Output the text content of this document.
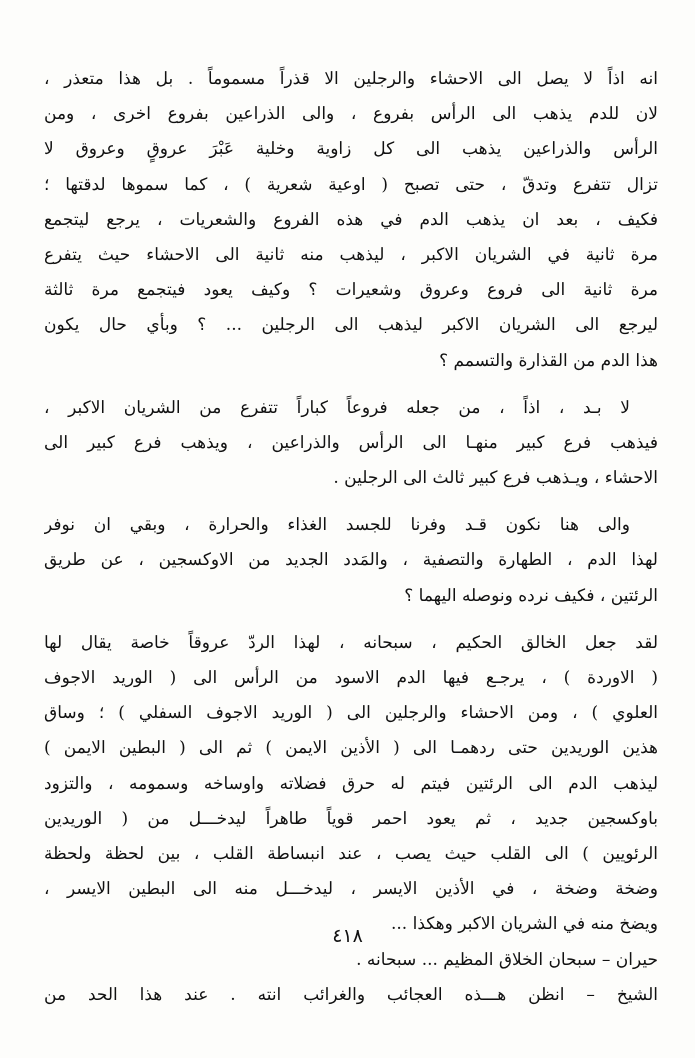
انه اذاً لا يصل الى الاحشاء والرجلين الا قذراً مسموماً . بل هذا متعذر ،
لان للدم يذهب الى الرأس بفروع ، والى الذراعين بفروع اخرى ، ومن
الرأس والذراعين يذهب الى كل زاوية وخلية عَبْرَ عروقٍ وعروق لا
تزال تتفرع وتدقّ ، حتى تصبح ( اوعية شعرية ) ، كما سموها لدقتها ؛
فكيف ، بعد ان يذهب الدم في هذه الفروع والشعريات ، يرجع ليتجمع
مرة ثانية في الشريان الاكبر ، ليذهب منه ثانية الى الاحشاء حيث يتفرع
مرة ثانية الى فروع وعروق وشعيرات ؟ وكيف يعود فيتجمع مرة ثالثة
ليرجع الى الشريان الاكبر ليذهب الى الرجلين ... ؟ وبأي حال يكون
هذا الدم من القذارة والتسمم ؟
لا بـد ، اذاً ، من جعله فروعاً كباراً تتفرع من الشريان الاكبر ،
فيذهب فرع كبير منهـا الى الرأس والذراعين ، ويذهب فرع كبير الى
الاحشاء ، ويـذهب فرع كبير ثالث الى الرجلين .
والى هنا نكون قـد وفرنا للجسد الغذاء والحرارة ، وبقي ان نوفر
لهذا الدم ، الطهارة والتصفية ، والمَدد الجديد من الاوكسجين ، عن طريق
الرئتين ، فكيف نرده ونوصله اليهما ؟
لقد جعل الخالق الحكيم ، سبحانه ، لهذا الردّ عروقاً خاصة يقال لها
( الاوردة ) ، يرجـع فيها الدم الاسود من الرأس الى ( الوريد الاجوف
العلوي ) ، ومن الاحشاء والرجلين الى ( الوريد الاجوف السفلي ) ؛ وساق
هذين الوريدين حتى ردهمـا الى ( الأذين الايمن ) ثم الى ( البطين الايمن )
ليذهب الدم الى الرئتين فيتم له حرق فضلاته واوساخه وسمومه ، والتزود
باوكسجين جديد ، ثم يعود احمر قوياً طاهراً ليدخـــل من ( الوريدين
الرئويين ) الى القلب حيث يصب ، عند انبساطة القلب ، بين لحظة ولحظة
وضخة وضخة ، في الأذين الايسر ، ليدخـــل منه الى البطين الايسر ،
ويضخ منه في الشريان الاكبر وهكذا ...
حيران – سبحان الخلاق المظيم ... سبحانه .
الشيخ – انظن هـــذه العجائب والغرائب انته . عند هذا الحد من
٤١٨
